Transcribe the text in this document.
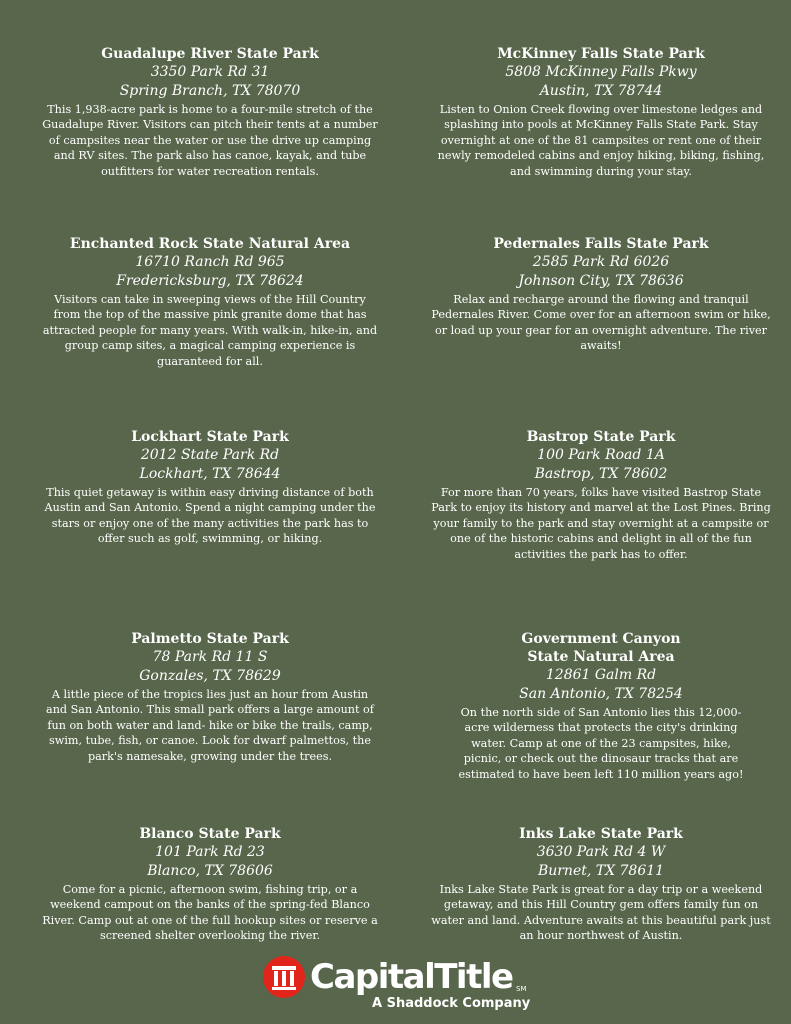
Guadalupe River State Park

3350 Park Rd 31

Spring Branch, TX 78070

This 1,938-acre park is home to a four-mile stretch of the Guadalupe River. Visitors can pitch their tents at a number of campsites near the water or use the drive up camping and RV sites. The park also has canoe, kayak, and tube outfitters for water recreation rentals.

McKinney Falls State Park

5808 McKinney Falls Pkwy

Austin, TX 78744

Listen to Onion Creek flowing over limestone ledges and splashing into pools at McKinney Falls State Park. Stay overnight at one of the 81 campsites or rent one of their newly remodeled cabins and enjoy hiking, biking, fishing, and swimming during your stay.

Enchanted Rock State Natural Area

16710 Ranch Rd 965

Fredericksburg, TX 78624

Visitors can take in sweeping views of the Hill Country from the top of the massive pink granite dome that has attracted people for many years. With walk-in, hike-in, and group camp sites, a magical camping experience is guaranteed for all.

Pedernales Falls State Park

2585 Park Rd 6026

Johnson City, TX 78636

Relax and recharge around the flowing and tranquil Pedernales River. Come over for an afternoon swim or hike, or load up your gear for an overnight adventure. The river awaits!

Lockhart State Park

2012 State Park Rd

Lockhart, TX 78644

This quiet getaway is within easy driving distance of both Austin and San Antonio. Spend a night camping under the stars or enjoy one of the many activities the park has to offer such as golf, swimming, or hiking.

Bastrop State Park

100 Park Road 1A

Bastrop, TX 78602

For more than 70 years, folks have visited Bastrop State Park to enjoy its history and marvel at the Lost Pines. Bring your family to the park and stay overnight at a campsite or one of the historic cabins and delight in all of the fun activities the park has to offer.

Palmetto State Park

78 Park Rd 11 S

Gonzales, TX 78629

A little piece of the tropics lies just an hour from Austin and San Antonio. This small park offers a large amount of fun on both water and land- hike or bike the trails, camp, swim, tube, fish, or canoe. Look for dwarf palmettos, the park's namesake, growing under the trees.

Government Canyon State Natural Area

12861 Galm Rd

San Antonio, TX 78254

On the north side of San Antonio lies this 12,000-acre wilderness that protects the city's drinking water. Camp at one of the 23 campsites, hike, picnic, or check out the dinosaur tracks that are estimated to have been left 110 million years ago!

Blanco State Park

101 Park Rd 23

Blanco, TX 78606

Come for a picnic, afternoon swim, fishing trip, or a weekend campout on the banks of the spring-fed Blanco River. Camp out at one of the full hookup sites or reserve a screened shelter overlooking the river.

Inks Lake State Park

3630 Park Rd 4 W

Burnet, TX 78611

Inks Lake State Park is great for a day trip or a weekend getaway, and this Hill Country gem offers family fun on water and land. Adventure awaits at this beautiful park just an hour northwest of Austin.

CapitalTitle SM
A Shaddock Company
